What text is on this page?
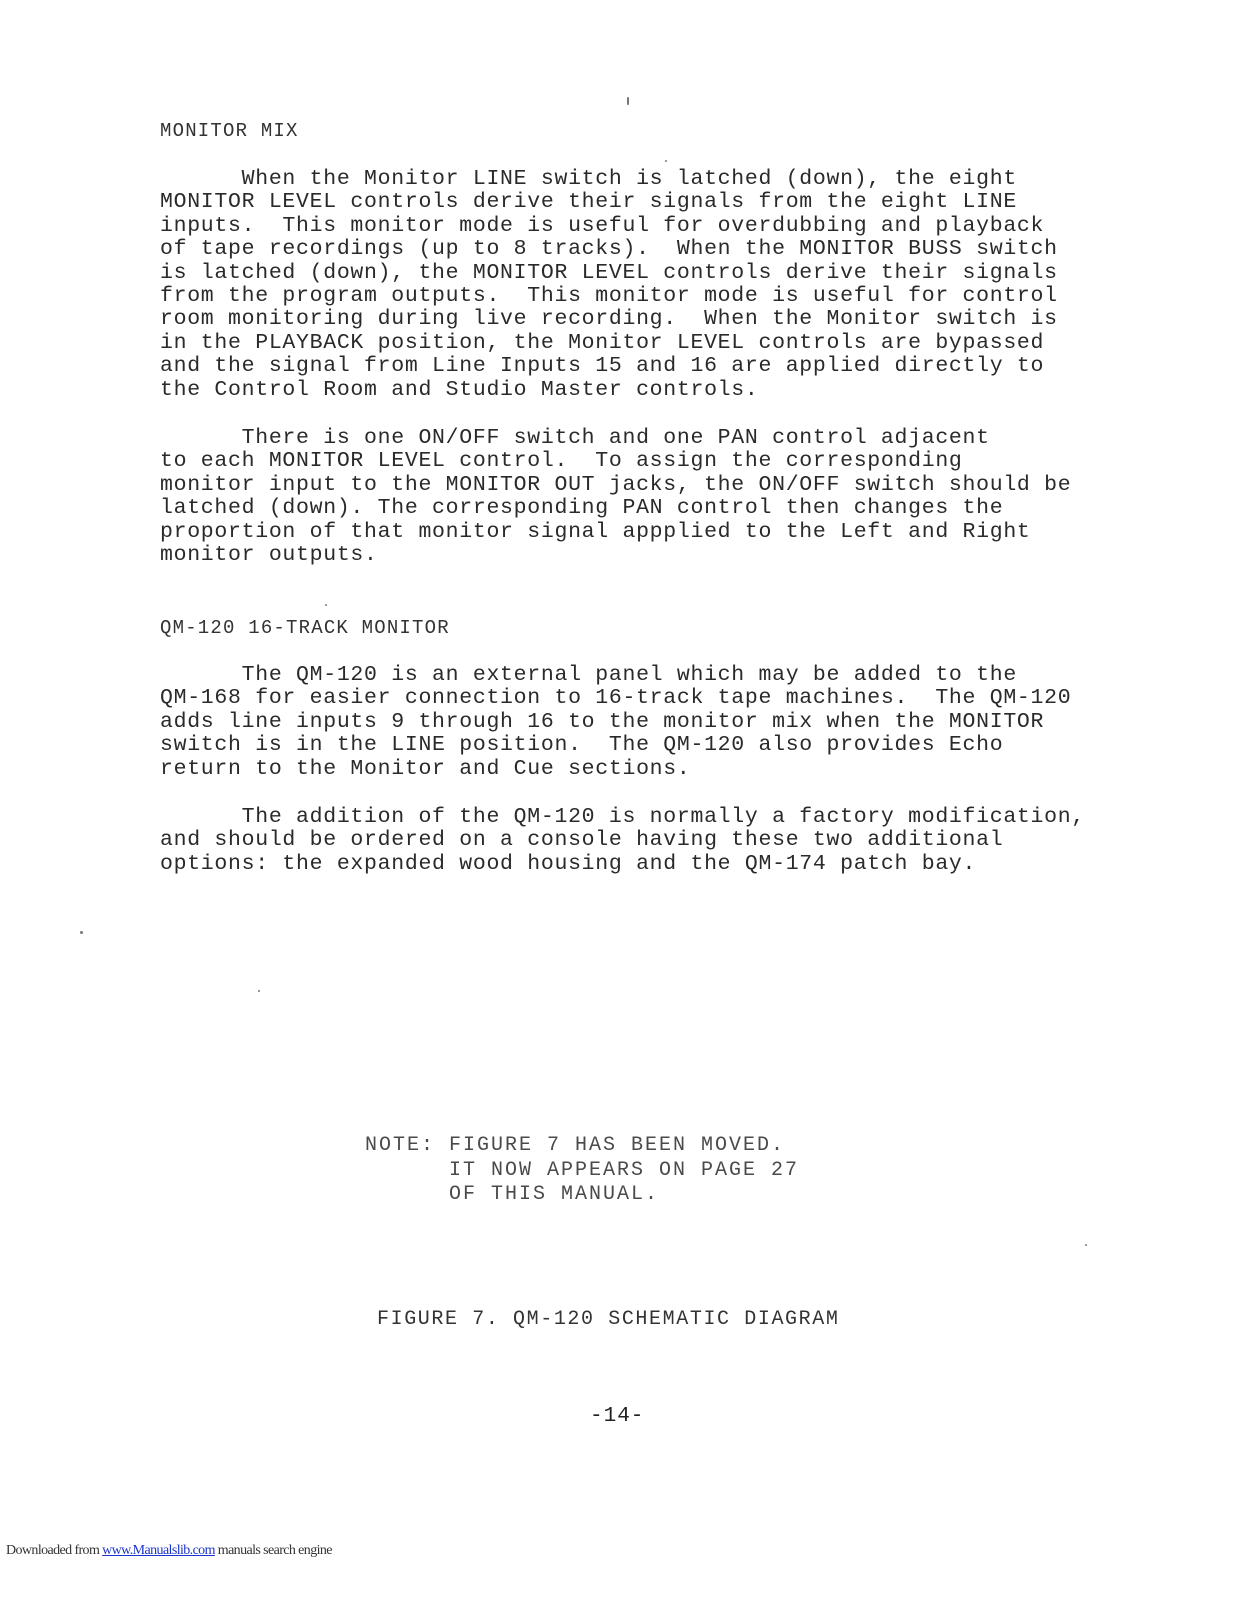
MONITOR MIX
When the Monitor LINE switch is latched (down), the eight
MONITOR LEVEL controls derive their signals from the eight LINE
inputs.  This monitor mode is useful for overdubbing and playback
of tape recordings (up to 8 tracks).  When the MONITOR BUSS switch
is latched (down), the MONITOR LEVEL controls derive their signals
from the program outputs.  This monitor mode is useful for control
room monitoring during live recording.  When the Monitor switch is
in the PLAYBACK position, the Monitor LEVEL controls are bypassed
and the signal from Line Inputs 15 and 16 are applied directly to
the Control Room and Studio Master controls.
There is one ON/OFF switch and one PAN control adjacent
to each MONITOR LEVEL control.  To assign the corresponding
monitor input to the MONITOR OUT jacks, the ON/OFF switch should be
latched (down). The corresponding PAN control then changes the
proportion of that monitor signal appplied to the Left and Right
monitor outputs.
QM-120 16-TRACK MONITOR
The QM-120 is an external panel which may be added to the
QM-168 for easier connection to 16-track tape machines.  The QM-120
adds line inputs 9 through 16 to the monitor mix when the MONITOR
switch is in the LINE position.  The QM-120 also provides Echo
return to the Monitor and Cue sections.
The addition of the QM-120 is normally a factory modification,
and should be ordered on a console having these two additional
options: the expanded wood housing and the QM-174 patch bay.
NOTE: FIGURE 7 HAS BEEN MOVED.
IT NOW APPEARS ON PAGE 27
OF THIS MANUAL.
FIGURE 7. QM-120 SCHEMATIC DIAGRAM
-14-
Downloaded from www.Manualslib.com manuals search engine
